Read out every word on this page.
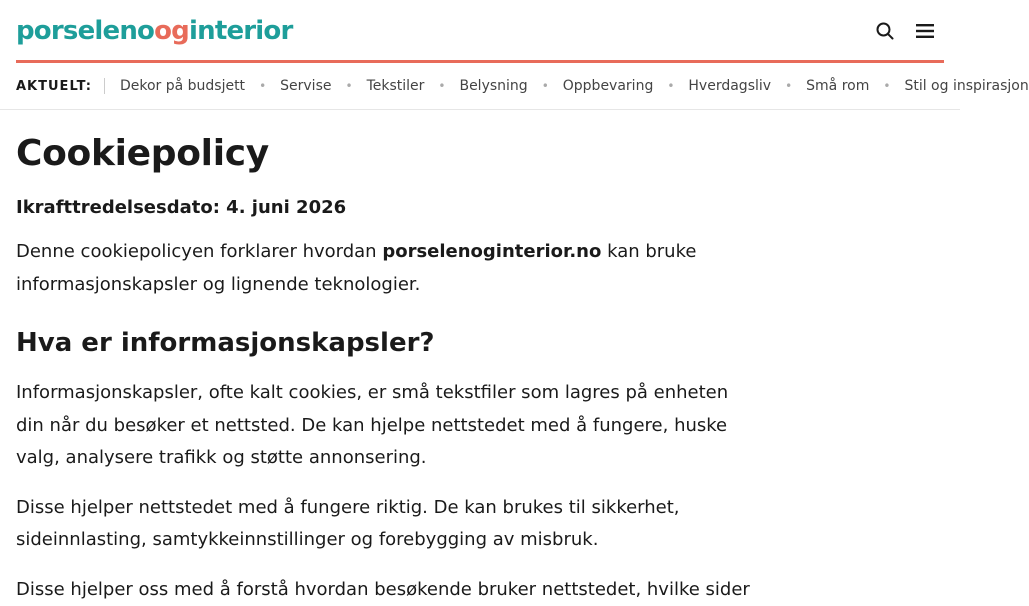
porselenooginterior
AKTUELT: Dekor på budsjett • Servise • Tekstiler • Belysning • Oppbevaring • Hverdagsliv • Små rom • Stil og inspirasjon
Cookiepolicy
Ikrafttredelsesdato: 4. juni 2026

Denne cookiepolicyen forklarer hvordan porselenoginterior.no kan bruke informasjonskapsler og lignende teknologier.

Hva er informasjonskapsler?

Informasjonskapsler, ofte kalt cookies, er små tekstfiler som lagres på enheten din når du besøker et nettsted. De kan hjelpe nettstedet med å fungere, huske valg, analysere trafikk og støtte annonsering.

Disse hjelper nettstedet med å fungere riktig. De kan brukes til sikkerhet, sideinnlasting, samtykkeinnstillinger og forebygging av misbruk.

Disse hjelper oss med å forstå hvordan besøkende bruker nettstedet, hvilke sider
